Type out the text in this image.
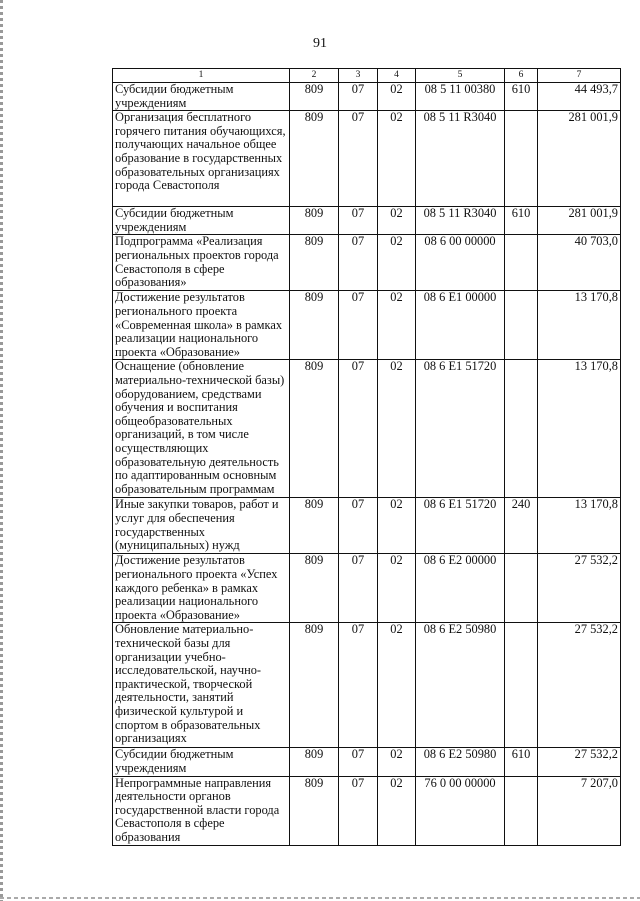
91
1	2	3	4	5	6	7
Субсидии бюджетным учреждениям	809	07	02	08 5 11 00380	610	44 493,7
Организация бесплатного горячего питания обучающихся, получающих начальное общее образование в государственных образовательных организациях города Севастополя	809	07	02	08 5 11 R3040		281 001,9
Субсидии бюджетным учреждениям	809	07	02	08 5 11 R3040	610	281 001,9
Подпрограмма «Реализация региональных проектов города Севастополя в сфере образования»	809	07	02	08 6 00 00000		40 703,0
Достижение результатов регионального проекта «Современная школа» в рамках реализации национального проекта «Образование»	809	07	02	08 6 E1 00000		13 170,8
Оснащение (обновление материально-технической базы) оборудованием, средствами обучения и воспитания общеобразовательных организаций, в том числе осуществляющих образовательную деятельность по адаптированным основным образовательным программам	809	07	02	08 6 E1 51720		13 170,8
Иные закупки товаров, работ и услуг для обеспечения государственных (муниципальных) нужд	809	07	02	08 6 E1 51720	240	13 170,8
Достижение результатов регионального проекта «Успех каждого ребенка» в рамках реализации национального проекта «Образование»	809	07	02	08 6 E2 00000		27 532,2
Обновление материально-технической базы для организации учебно-исследовательской, научно-практической, творческой деятельности, занятий физической культурой и спортом в образовательных организациях	809	07	02	08 6 E2 50980		27 532,2
Субсидии бюджетным учреждениям	809	07	02	08 6 E2 50980	610	27 532,2
Непрограммные направления деятельности органов государственной власти города Севастополя в сфере образования	809	07	02	76 0 00 00000		7 207,0
